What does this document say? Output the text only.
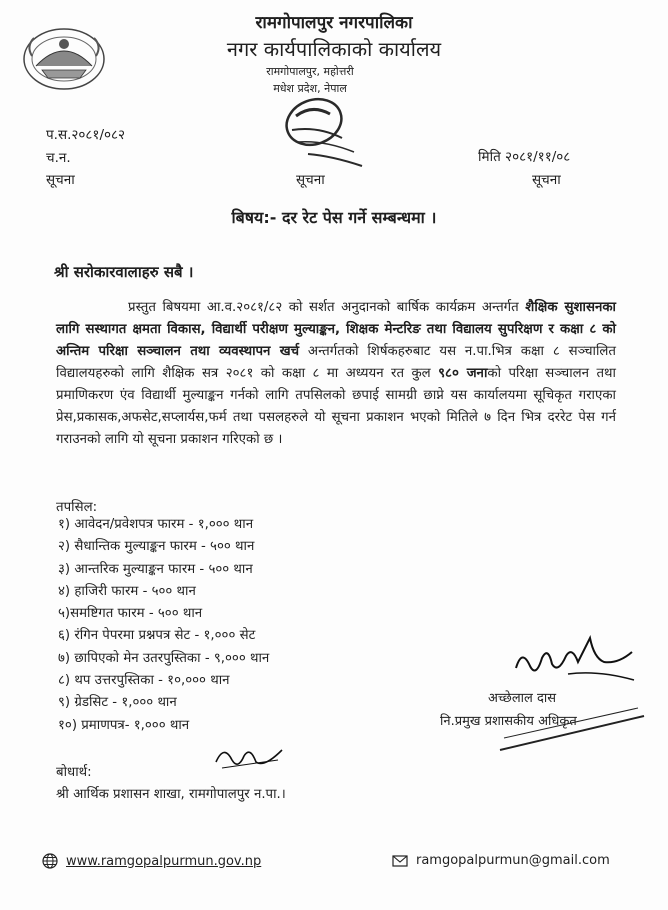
रामगोपालपुर नगरपालिका
नगर कार्यपालिकाको कार्यालय
रामगोपालपुर, महोत्तरी
मधेश प्रदेश, नेपाल
प.स.२०८१/०८२
च.न.	मिति २०८१/११/०८
सूचना	सूचना	सूचना
बिषय:- दर रेट पेस गर्ने सम्बन्धमा ।
श्री सरोकारवालाहरु सबै ।

प्रस्तुत बिषयमा आ.व.२०८१/८२ को सर्शत अनुदानको बार्षिक कार्यक्रम अन्तर्गत शैक्षिक सुशासनका लागि सस्थागत क्षमता विकास, विद्यार्थी परीक्षण मुल्याङ्कन, शिक्षक मेन्टरिङ तथा विद्यालय सुपरिक्षण र कक्षा ८ को अन्तिम परिक्षा सञ्चालन तथा व्यवस्थापन खर्च अन्तर्गतको शिर्षकहरुबाट यस न.पा.भित्र कक्षा ८ सञ्चालित विद्यालयहरुको लागि शैक्षिक सत्र २०८१ को कक्षा ८ मा अध्ययन रत कुल ९८० जनाको परिक्षा सञ्चालन तथा प्रमाणिकरण एंव विद्यार्थी मुल्याङ्कन गर्नको लागि तपसिलको छपाई सामग्री छाप्ने यस कार्यालयमा सूचिकृत गराएका प्रेस,प्रकासक,अफसेट,सप्लार्यस,फर्म तथा पसलहरुले यो सूचना प्रकाशन भएको मितिले ७ दिन भित्र दररेट पेस गर्न गराउनको लागि यो सूचना प्रकाशन गरिएको छ ।

तपसिल:
१) आवेदन/प्रवेशपत्र फारम - १,००० थान
२) सैधान्तिक मुल्याङ्कन फारम - ५०० थान
३) आन्तरिक मुल्याङ्कन फारम - ५०० थान
४) हाजिरी फारम - ५०० थान
५)समष्टिगत फारम - ५०० थान
६) रंगिन पेपरमा प्रश्नपत्र सेट - १,००० सेट
७) छापिएको मेन उतरपुस्तिका - ९,००० थान
८) थप उत्तरपुस्तिका - १०,००० थान
९) ग्रेडसिट - १,००० थान
१०) प्रमाणपत्र- १,००० थान
अच्छेलाल दास
नि.प्रमुख प्रशासकीय अधिकृत
बोधार्थ:
श्री आर्थिक प्रशासन शाखा, रामगोपालपुर न.पा.।
www.ramgopalpurmun.gov.np	ramgopalpurmun@gmail.com
